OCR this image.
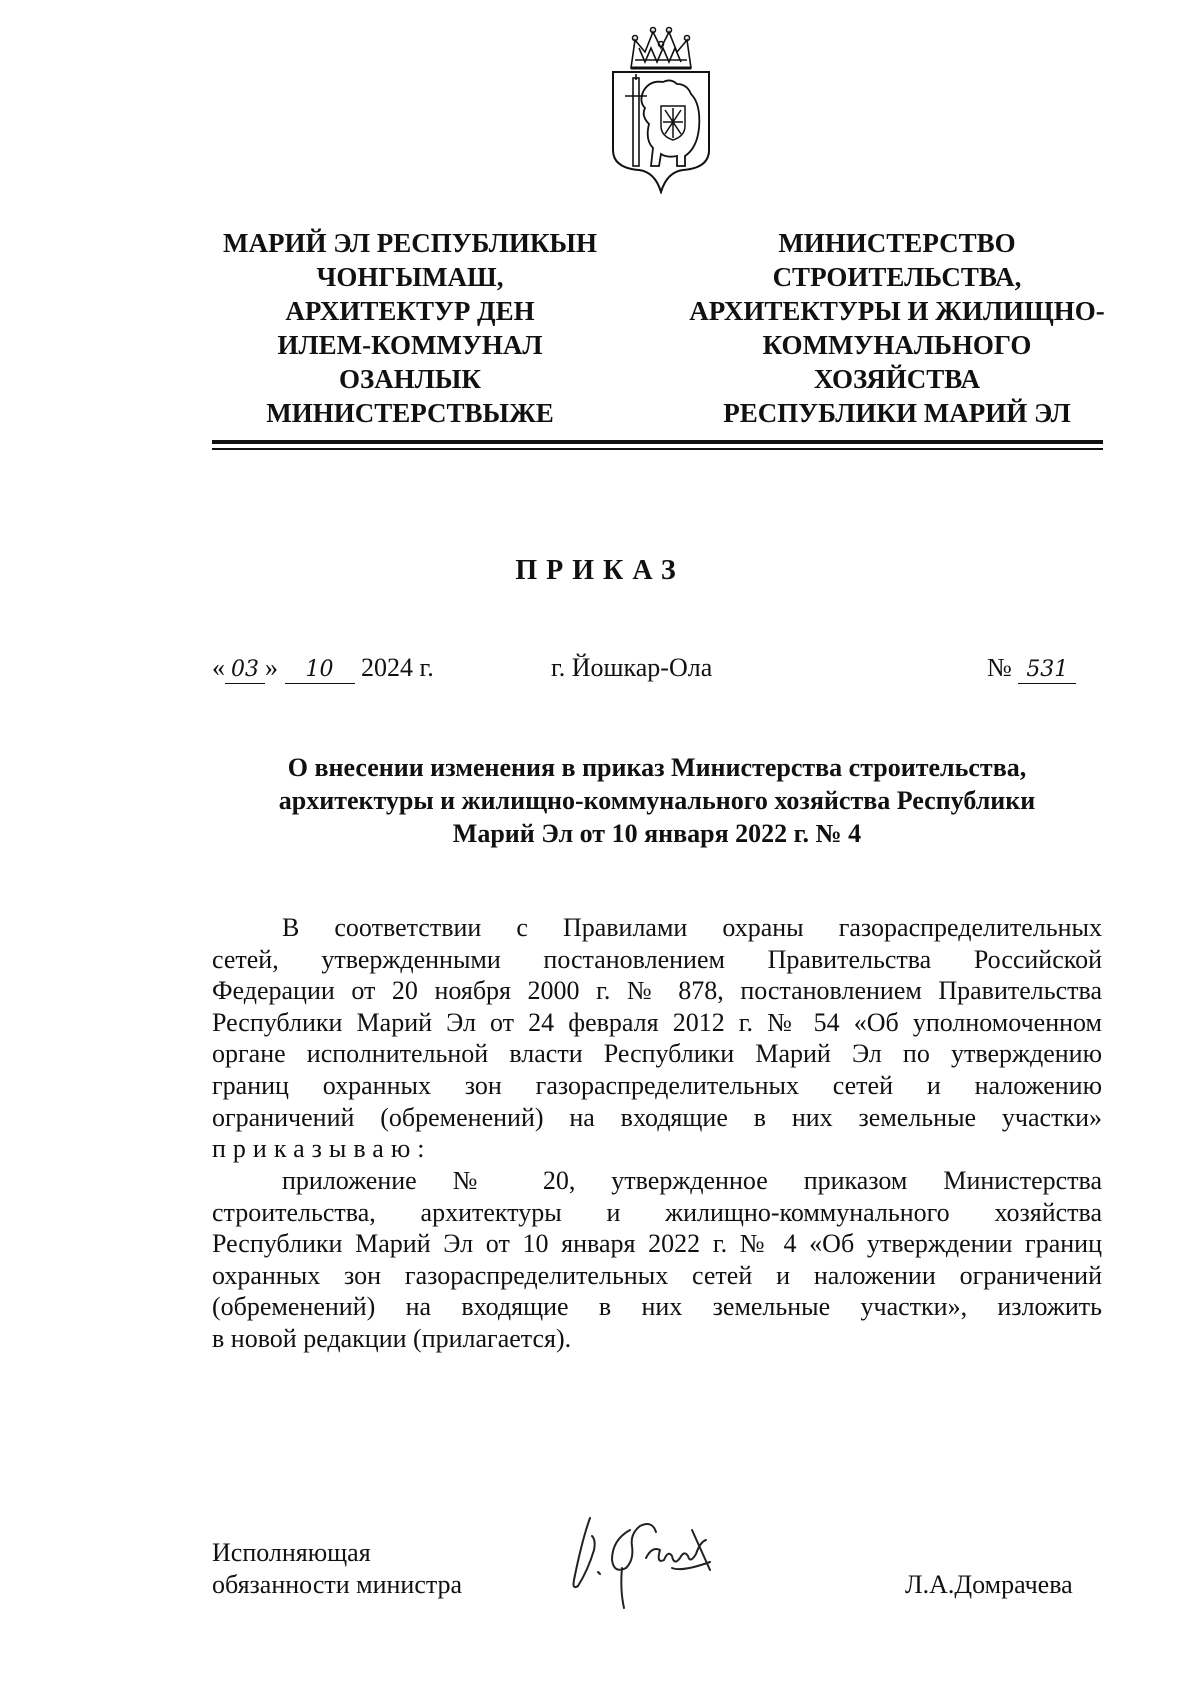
МАРИЙ ЭЛ РЕСПУБЛИКЫН
ЧОНГЫМАШ,
АРХИТЕКТУР ДЕН
ИЛЕМ-КОММУНАЛ
ОЗАНЛЫК
МИНИСТЕРСТВЫЖЕ
МИНИСТЕРСТВО
СТРОИТЕЛЬСТВА,
АРХИТЕКТУРЫ И ЖИЛИЩНО-
КОММУНАЛЬНОГО
ХОЗЯЙСТВА
РЕСПУБЛИКИ МАРИЙ ЭЛ
ПРИКАЗ
« 03 » 10 2024 г.	г. Йошкар-Ола	№ 531
О внесении изменения в приказ Министерства строительства,
архитектуры и жилищно-коммунального хозяйства Республики
Марий Эл от 10 января 2022 г. № 4
В соответствии с Правилами охраны газораспределительных
сетей, утвержденными постановлением Правительства Российской
Федерации от 20 ноября 2000 г. № 878, постановлением Правительства
Республики Марий Эл от 24 февраля 2012 г. № 54 «Об уполномоченном
органе исполнительной власти Республики Марий Эл по утверждению
границ охранных зон газораспределительных сетей и наложению
ограничений (обременений) на входящие в них земельные участки»
приказываю:
приложение № 20, утвержденное приказом Министерства
строительства, архитектуры и жилищно-коммунального хозяйства
Республики Марий Эл от 10 января 2022 г. № 4 «Об утверждении границ
охранных зон газораспределительных сетей и наложении ограничений
(обременений) на входящие в них земельные участки», изложить
в новой редакции (прилагается).
Исполняющая
обязанности министра	Л.А.Домрачева
